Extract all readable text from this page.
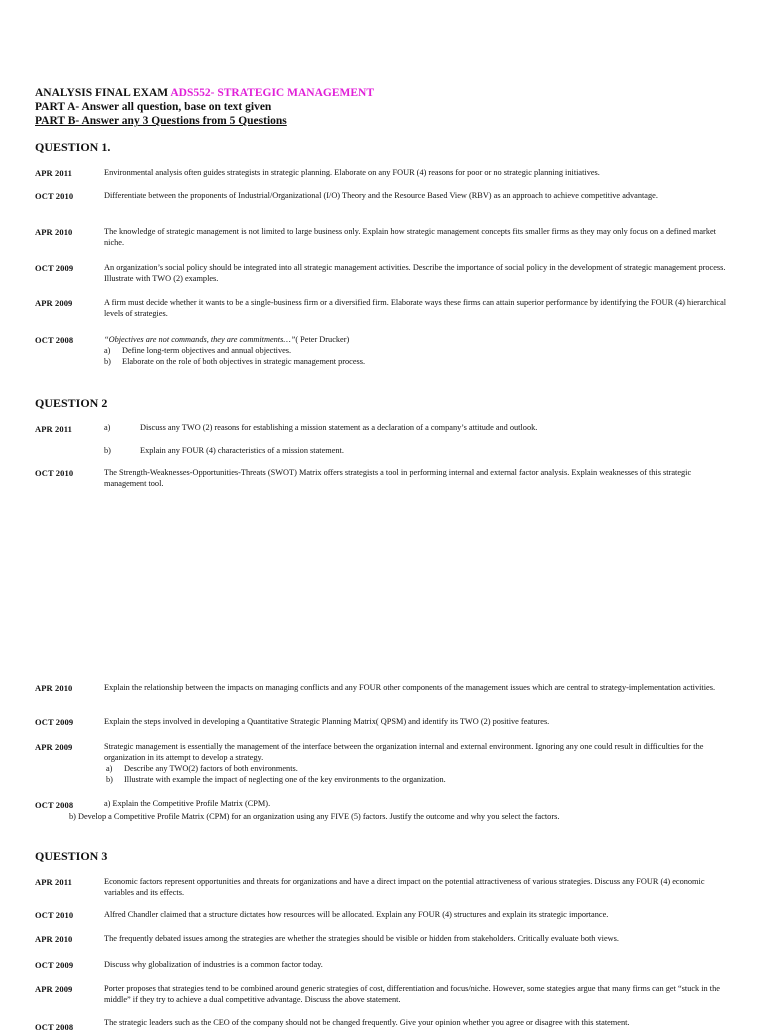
ANALYSIS FINAL EXAM ADS552- STRATEGIC MANAGEMENT
PART A- Answer all question, base on text given
PART B- Answer any 3 Questions from 5 Questions
QUESTION 1.
APR 2011	Environmental analysis often guides strategists in strategic planning. Elaborate on any FOUR (4) reasons for poor or no strategic planning initiatives.
OCT 2010	Differentiate between the proponents of Industrial/Organizational (I/O) Theory and the Resource Based View (RBV) as an approach to achieve competitive advantage.
APR 2010	The knowledge of strategic management is not limited to large business only. Explain how strategic management concepts fits smaller firms as they may only focus on a defined market niche.
OCT 2009	An organization’s social policy should be integrated into all strategic management activities. Describe the importance of social policy in the development of strategic management process. Illustrate with TWO (2) examples.
APR 2009	A firm must decide whether it wants to be a single-business firm or a diversified firm. Elaborate ways these firms can attain superior performance by identifying the FOUR (4) hierarchical levels of strategies.
OCT 2008	“Objectives are not commands, they are commitments…”( Peter Drucker)
a) Define long-term objectives and annual objectives.
b) Elaborate on the role of both objectives in strategic management process.
QUESTION 2
APR 2011	a)	Discuss any TWO (2) reasons for establishing a mission statement as a declaration of a company’s attitude and outlook.
b)	Explain any FOUR (4) characteristics of a mission statement.
OCT 2010	The Strength-Weaknesses-Opportunities-Threats (SWOT) Matrix offers strategists a tool in performing internal and external factor analysis. Explain weaknesses of this strategic management tool.
APR 2010	Explain the relationship between the impacts on managing conflicts and any FOUR other components of the management issues which are central to strategy-implementation activities.
OCT 2009	Explain the steps involved in developing a Quantitative Strategic Planning Matrix( QPSM) and identify its TWO (2) positive features.
APR 2009	Strategic management is essentially the management of the interface between the organization internal and external environment. Ignoring any one could result in difficulties for the organization in its attempt to develop a strategy.
a) Describe any TWO(2) factors of both environments.
b) Illustrate with example the impact of neglecting one of the key environments to the organization.
OCT 2008	a) Explain the Competitive Profile Matrix (CPM).
b) Develop a Competitive Profile Matrix (CPM) for an organization using any FIVE (5) factors. Justify the outcome and why you select the factors.
QUESTION 3
APR 2011	Economic factors represent opportunities and threats for organizations and have a direct impact on the potential attractiveness of various strategies. Discuss any FOUR (4) economic variables and its effects.
OCT 2010	Alfred Chandler claimed that a structure dictates how resources will be allocated. Explain any FOUR (4) structures and explain its strategic importance.
APR 2010	The frequently debated issues among the strategies are whether the strategies should be visible or hidden from stakeholders. Critically evaluate both views.
OCT 2009	Discuss why globalization of industries is a common factor today.
APR 2009	Porter proposes that strategies tend to be combined around generic strategies of cost, differentiation and focus/niche. However, some stategies argue that many firms can get “stuck in the middle” if they try to achieve a dual competitive advantage. Discuss the above statement.
OCT 2008	The strategic leaders such as the CEO of the company should not be changed frequently. Give your opinion whether you agree or disagree with this statement.
